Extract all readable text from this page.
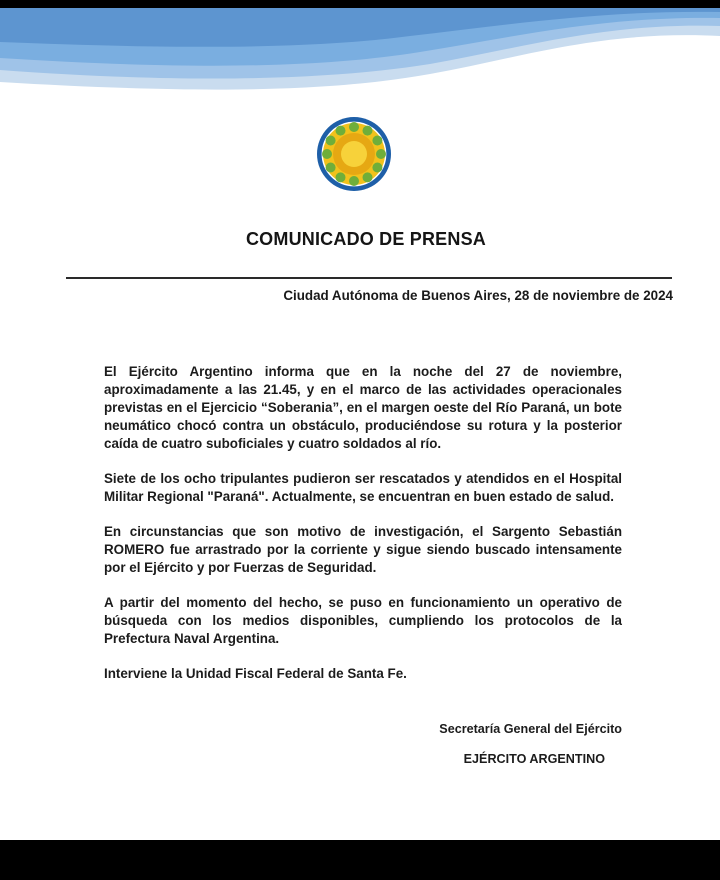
COMUNICADO DE PRENSA
Ciudad Autónoma de Buenos Aires, 28 de noviembre de 2024

El Ejército Argentino informa que en la noche del 27 de noviembre, aproximadamente a las 21.45, y en el marco de las actividades operacionales previstas en el Ejercicio “Soberania”, en el margen oeste del Río Paraná, un bote neumático chocó contra un obstáculo, produciéndose su rotura y la posterior caída de cuatro suboficiales y cuatro soldados al río.

Siete de los ocho tripulantes pudieron ser rescatados y atendidos en el Hospital Militar Regional "Paraná". Actualmente, se encuentran en buen estado de salud.

En circunstancias que son motivo de investigación, el Sargento Sebastián ROMERO fue arrastrado por la corriente y sigue siendo buscado intensamente por el Ejército y por Fuerzas de Seguridad.

A partir del momento del hecho, se puso en funcionamiento un operativo de búsqueda con los medios disponibles, cumpliendo los protocolos de la Prefectura Naval Argentina.

Interviene la Unidad Fiscal Federal de Santa Fe.

Secretaría General del Ejército
EJÉRCITO ARGENTINO
